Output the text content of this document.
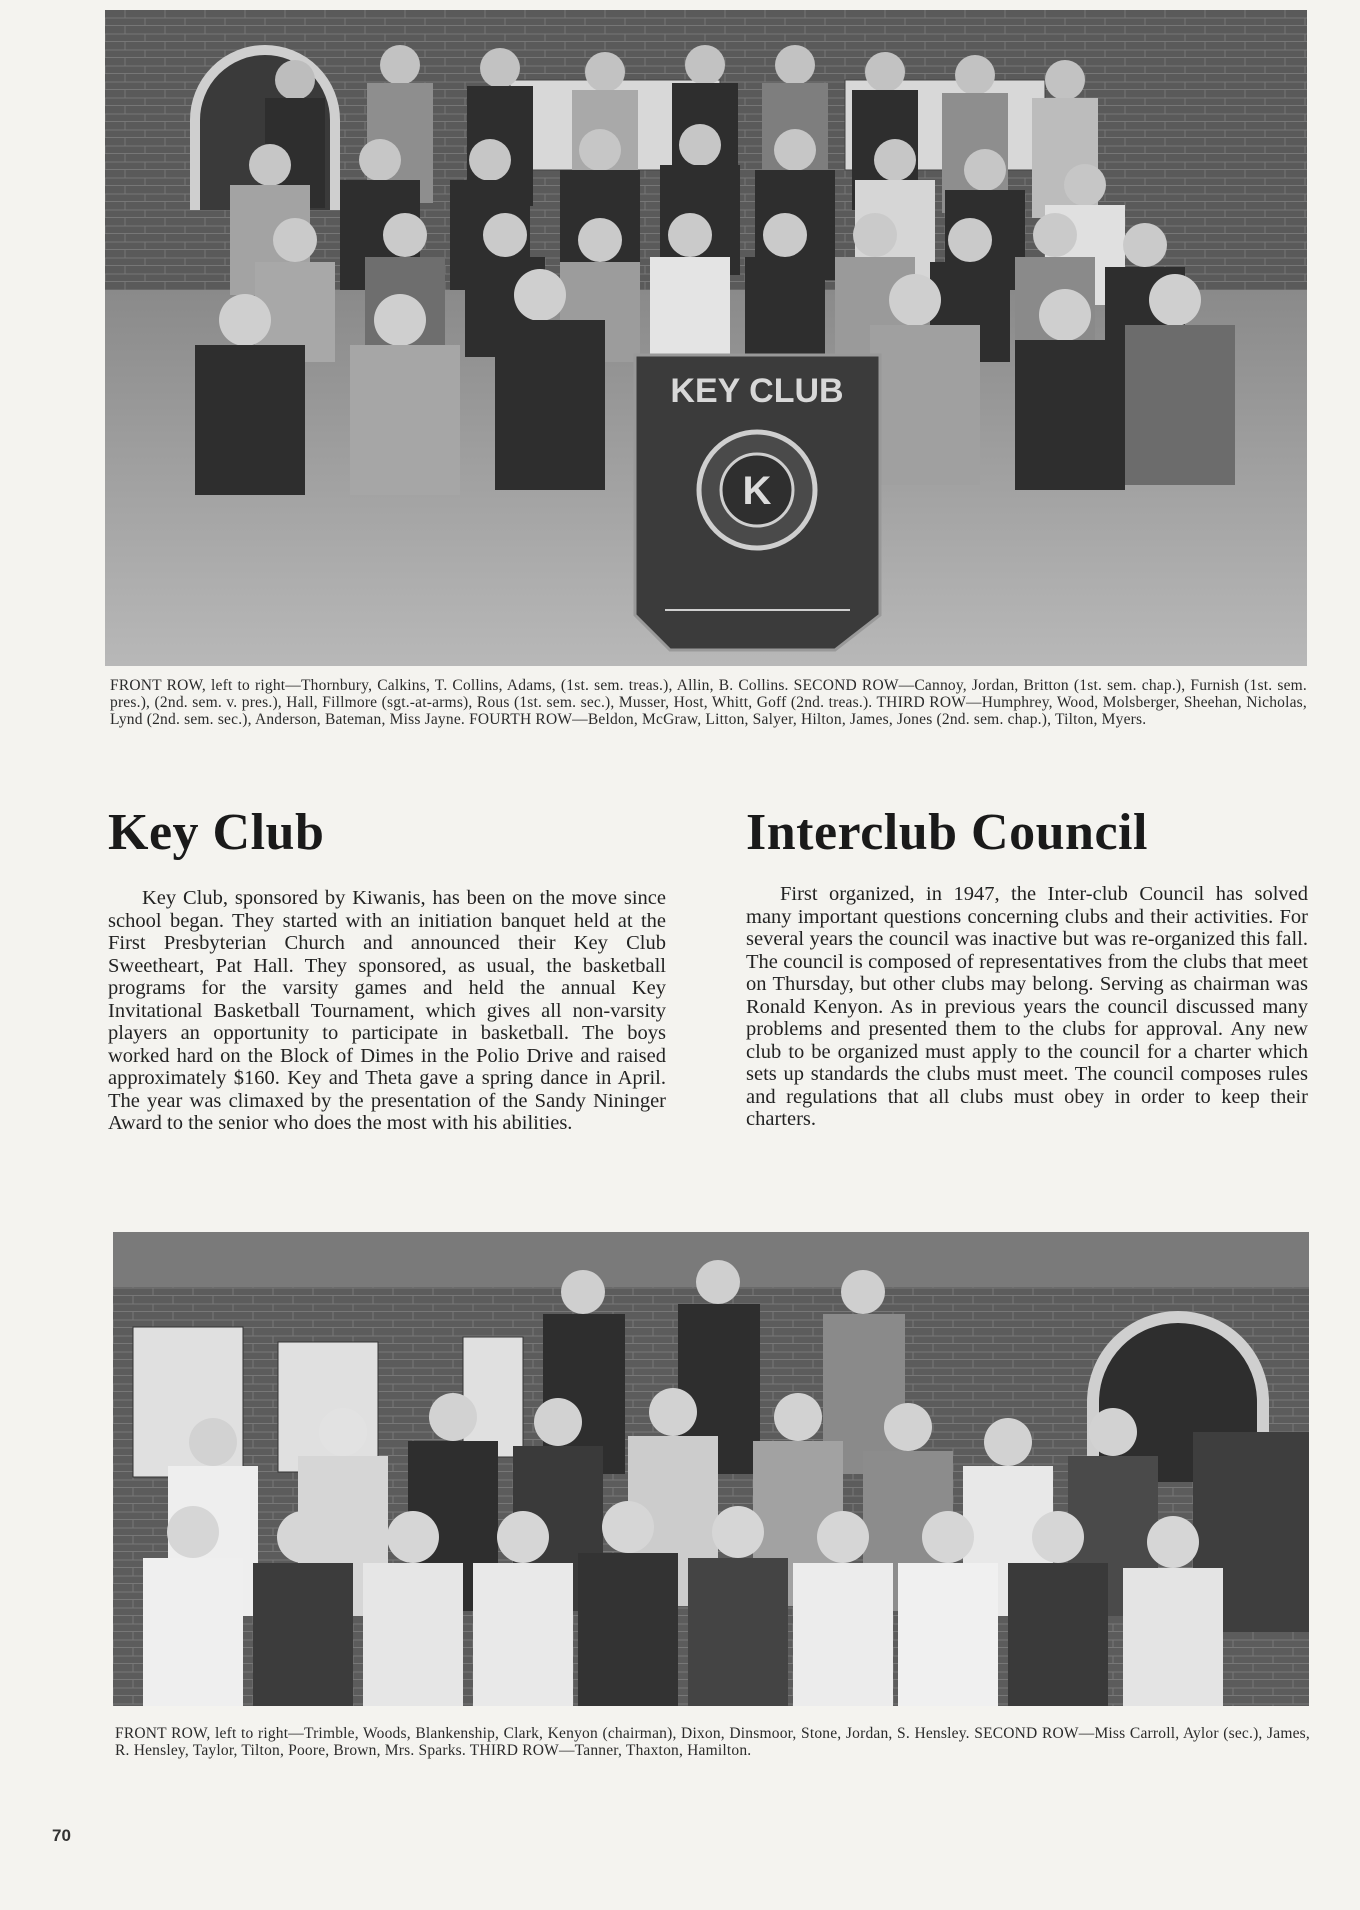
KEY CLUB
K
FRONT ROW, left to right—Thornbury, Calkins, T. Collins, Adams, (1st. sem. treas.), Allin, B. Collins. SECOND ROW—Cannoy, Jordan, Britton (1st. sem. chap.), Furnish (1st. sem. pres.), (2nd. sem. v. pres.), Hall, Fillmore (sgt.-at-arms), Rous (1st. sem. sec.), Musser, Host, Whitt, Goff (2nd. treas.). THIRD ROW—Humphrey, Wood, Molsberger, Sheehan, Nicholas, Lynd (2nd. sem. sec.), Anderson, Bateman, Miss Jayne. FOURTH ROW—Beldon, McGraw, Litton, Salyer, Hilton, James, Jones (2nd. sem. chap.), Tilton, Myers.
Key Club
Key Club, sponsored by Kiwanis, has been on the move since school began. They started with an initiation banquet held at the First Presbyterian Church and announced their Key Club Sweetheart, Pat Hall. They sponsored, as usual, the basketball programs for the varsity games and held the annual Key Invitational Basketball Tournament, which gives all non-varsity players an opportunity to participate in basketball. The boys worked hard on the Block of Dimes in the Polio Drive and raised approximately $160. Key and Theta gave a spring dance in April. The year was climaxed by the presentation of the Sandy Nininger Award to the senior who does the most with his abilities.
Interclub Council
First organized, in 1947, the Inter-club Council has solved many important questions concerning clubs and their activities. For several years the council was inactive but was re-organized this fall. The council is composed of representatives from the clubs that meet on Thursday, but other clubs may belong. Serving as chairman was Ronald Kenyon. As in previous years the council discussed many problems and presented them to the clubs for approval. Any new club to be organized must apply to the council for a charter which sets up standards the clubs must meet. The council composes rules and regulations that all clubs must obey in order to keep their charters.
FRONT ROW, left to right—Trimble, Woods, Blankenship, Clark, Kenyon (chairman), Dixon, Dinsmoor, Stone, Jordan, S. Hensley. SECOND ROW—Miss Carroll, Aylor (sec.), James, R. Hensley, Taylor, Tilton, Poore, Brown, Mrs. Sparks. THIRD ROW—Tanner, Thaxton, Hamilton.
70
